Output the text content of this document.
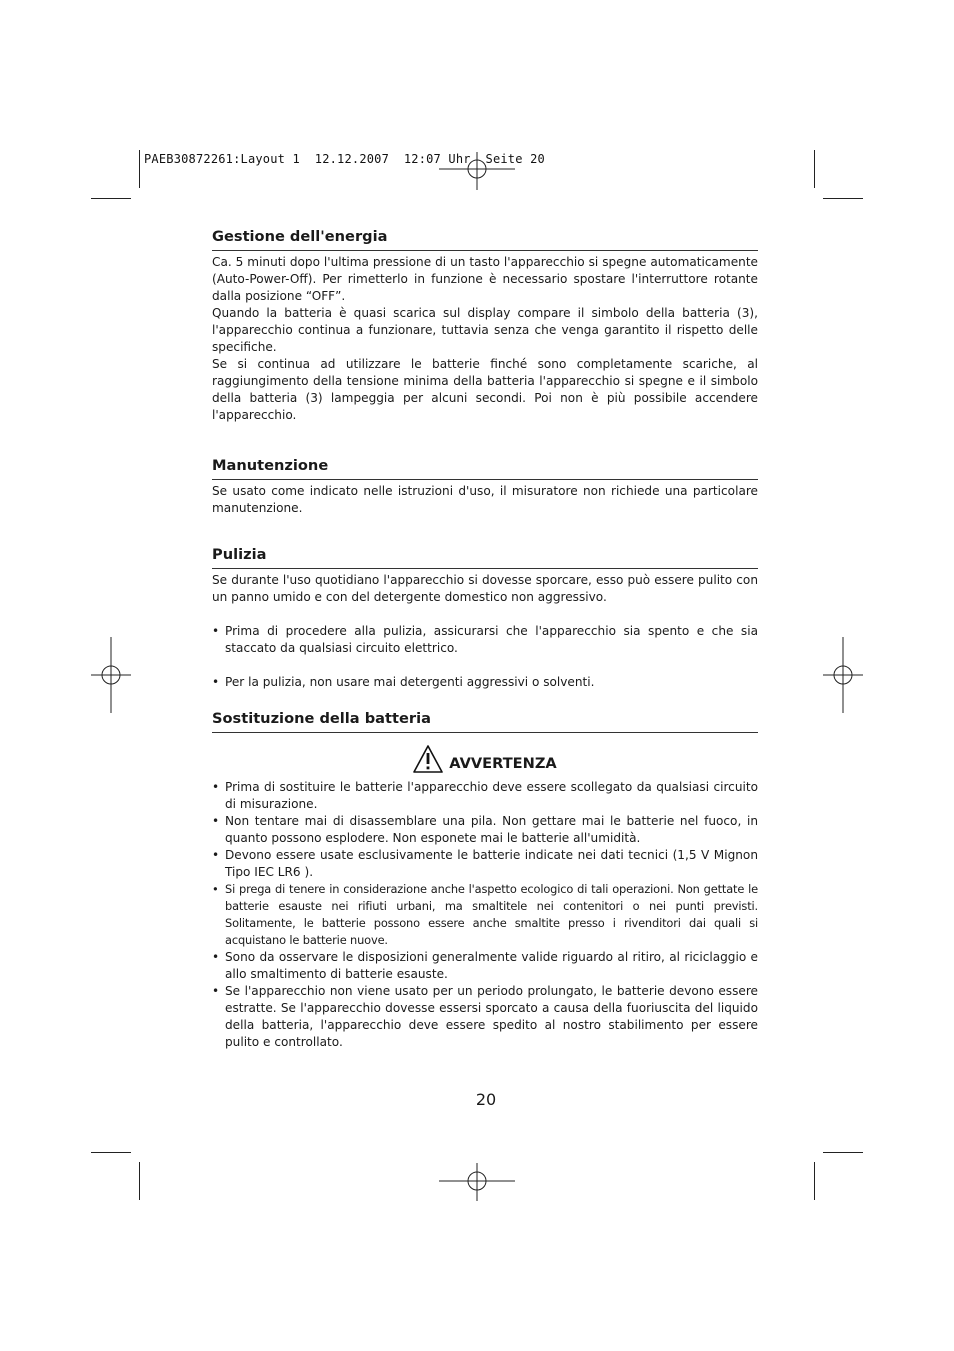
PAEB30872261:Layout 1  12.12.2007  12:07 Uhr  Seite 20
Gestione dell'energia

Ca. 5 minuti dopo l'ultima pressione di un tasto l'apparecchio si spegne automaticamente (Auto-Power-Off). Per rimetterlo in funzione è necessario spostare l'interruttore rotante dalla posizione “OFF”.

Quando la batteria è quasi scarica sul display compare il simbolo della batteria (3), l'apparecchio continua a funzionare, tuttavia senza che venga garantito il rispetto delle specifiche.

Se si continua ad utilizzare le batterie finché sono completamente scariche, al raggiungimento della tensione minima della batteria l'apparecchio si spegne e il simbolo della batteria (3) lampeggia per alcuni secondi. Poi non è più possibile accendere l'apparecchio.

Manutenzione

Se usato come indicato nelle istruzioni d'uso, il misuratore non richiede una particolare manutenzione.

Pulizia

Se durante l'uso quotidiano l'apparecchio si dovesse sporcare, esso può essere pulito con un panno umido e con del detergente domestico non aggressivo.

• Prima di procedere alla pulizia, assicurarsi che l'apparecchio sia spento e che sia staccato da qualsiasi circuito elettrico.
• Per la pulizia, non usare mai detergenti aggressivi o solventi.
Sostituzione della batteria
AVVERTENZA
• Prima di sostituire le batterie l'apparecchio deve essere scollegato da qualsiasi circuito di misurazione.
• Non tentare mai di disassemblare una pila. Non gettare mai le batterie nel fuoco, in quanto possono esplodere. Non esponete mai le batterie all'umidità.
• Devono essere usate esclusivamente le batterie indicate nei dati tecnici (1,5 V Mignon Tipo IEC LR6 ).
• Si prega di tenere in considerazione anche l'aspetto ecologico di tali operazioni. Non gettate le batterie esauste nei rifiuti urbani, ma smaltitele nei contenitori o nei punti previsti. Solitamente, le batterie possono essere anche smaltite presso i rivenditori dai quali si acquistano le batterie nuove.
• Sono da osservare le disposizioni generalmente valide riguardo al ritiro, al riciclaggio e allo smaltimento di batterie esauste.
• Se l'apparecchio non viene usato per un periodo prolungato, le batterie devono essere estratte. Se l'apparecchio dovesse essersi sporcato a causa della fuoriuscita del liquido della batteria, l'apparecchio deve essere spedito al nostro stabilimento per essere pulito e controllato.
20
